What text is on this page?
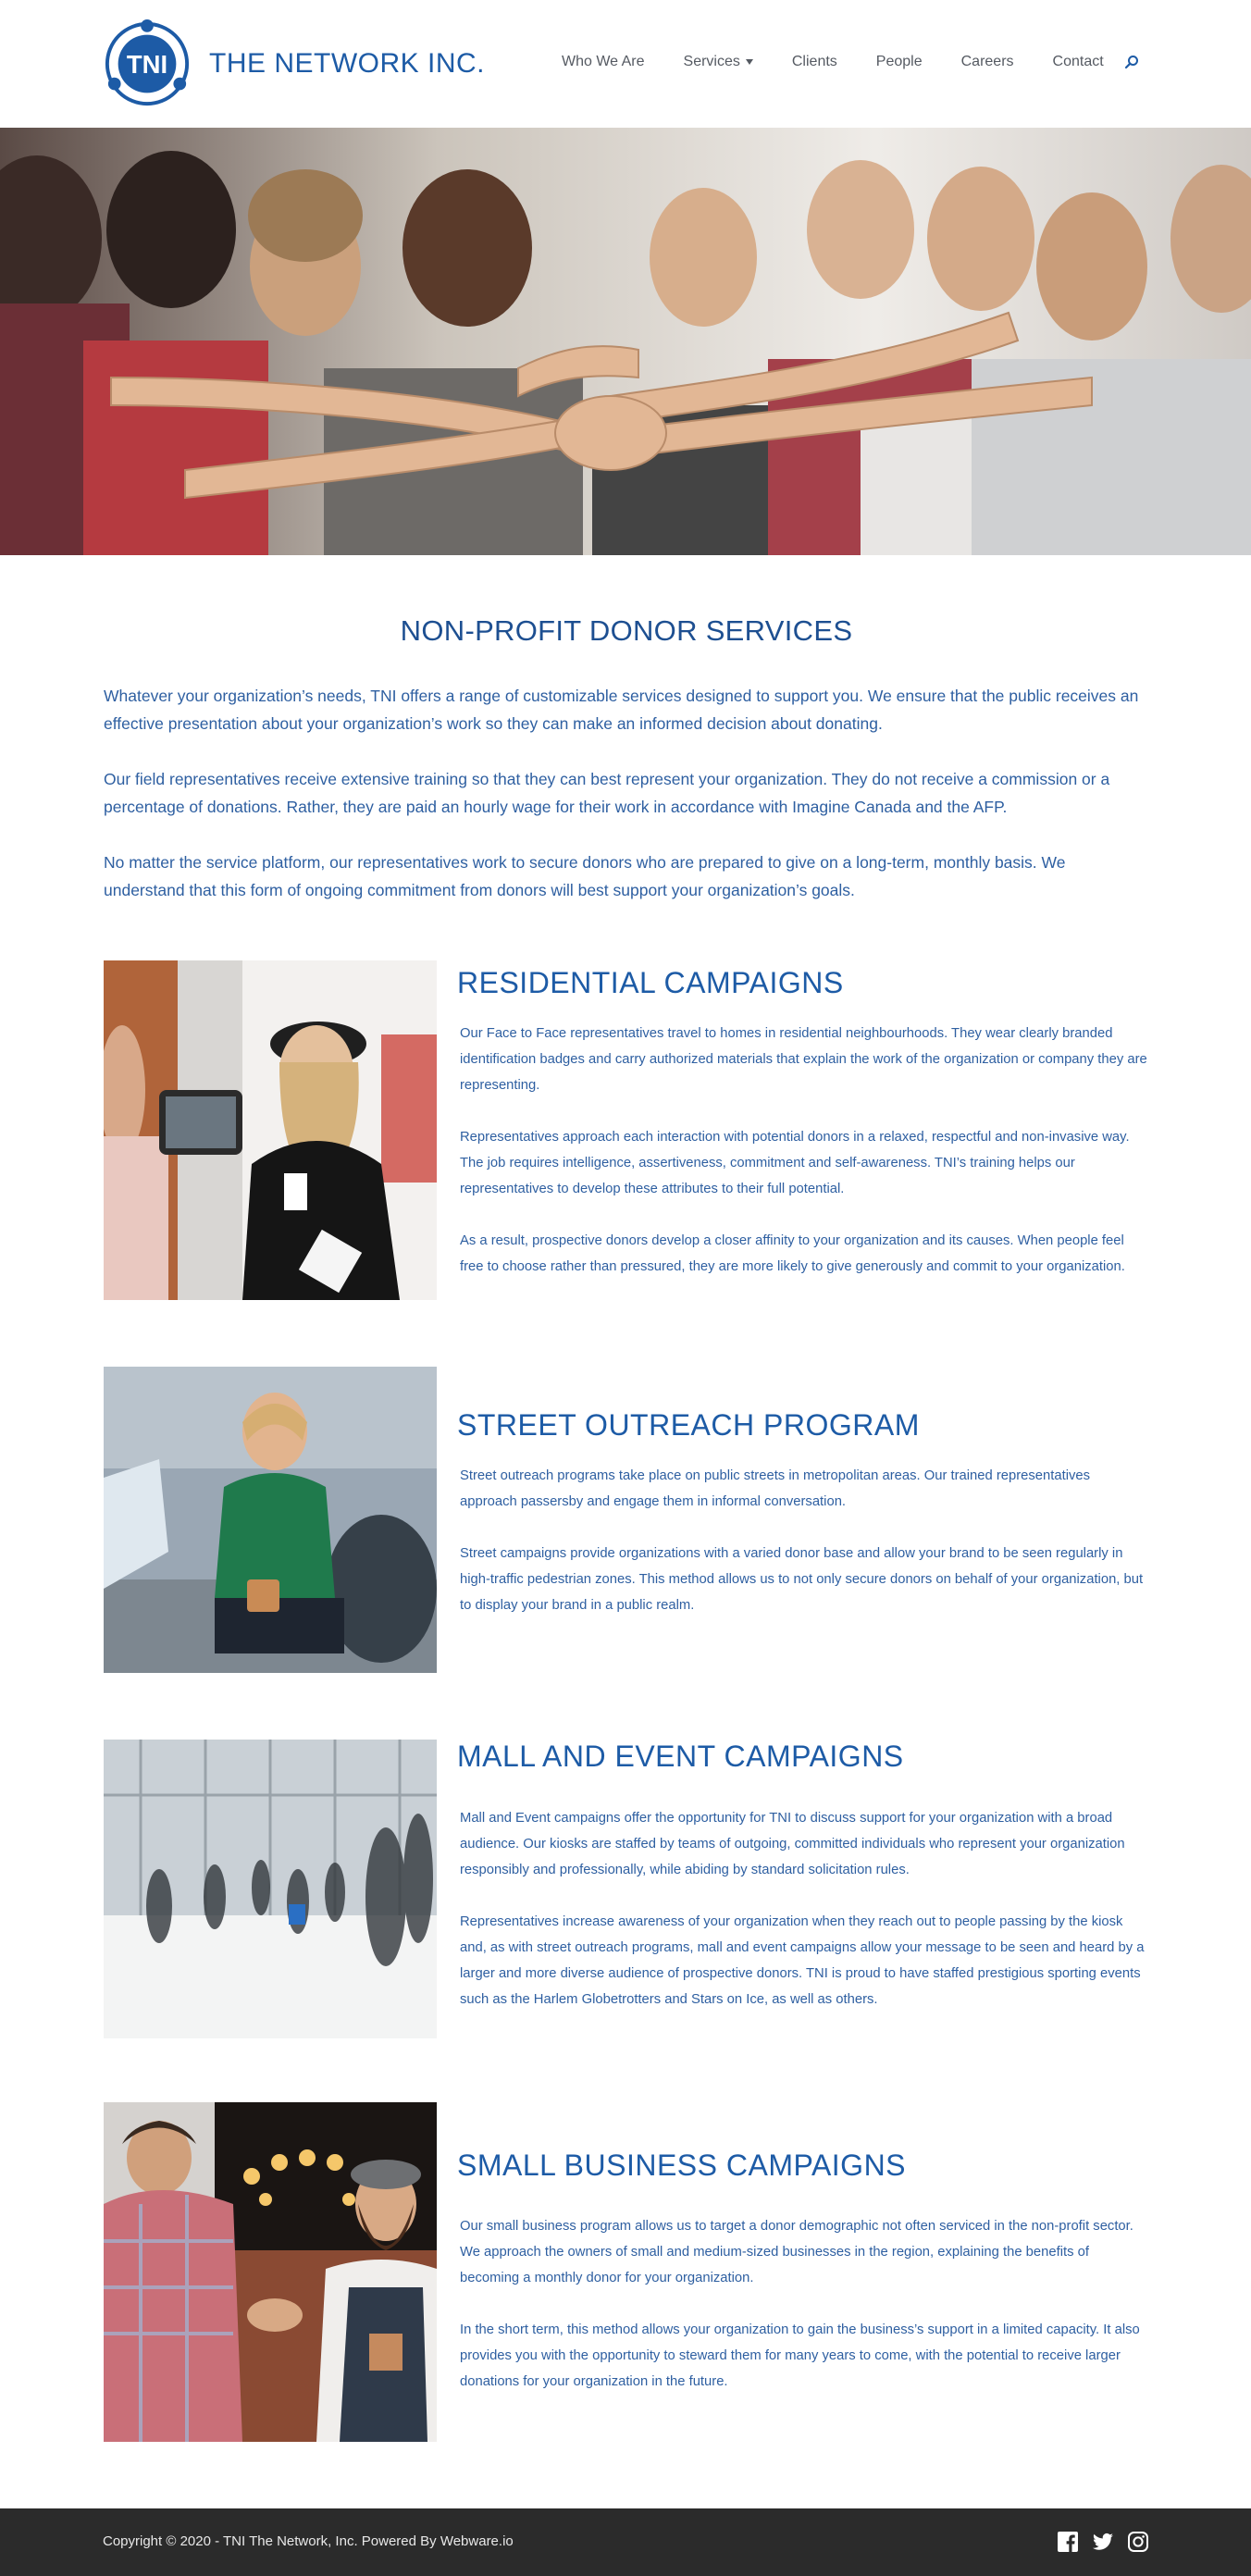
TNI THE NETWORK INC.	Who We Are	Services	Clients	People	Careers	Contact
NON-PROFIT DONOR SERVICES

Whatever your organization’s needs, TNI offers a range of customizable services designed to support you. We ensure that the public receives an effective presentation about your organization’s work so they can make an informed decision about donating.

Our field representatives receive extensive training so that they can best represent your organization. They do not receive a commission or a percentage of donations. Rather, they are paid an hourly wage for their work in accordance with Imagine Canada and the AFP.

No matter the service platform, our representatives work to secure donors who are prepared to give on a long-term, monthly basis. We understand that this form of ongoing commitment from donors will best support your organization’s goals.

RESIDENTIAL CAMPAIGNS

Our Face to Face representatives travel to homes in residential neighbourhoods. They wear clearly branded identification badges and carry authorized materials that explain the work of the organization or company they are representing.

Representatives approach each interaction with potential donors in a relaxed, respectful and non-invasive way. The job requires intelligence, assertiveness, commitment and self-awareness. TNI’s training helps our representatives to develop these attributes to their full potential.

As a result, prospective donors develop a closer affinity to your organization and its causes. When people feel free to choose rather than pressured, they are more likely to give generously and commit to your organization.

STREET OUTREACH PROGRAM

Street outreach programs take place on public streets in metropolitan areas. Our trained representatives approach passersby and engage them in informal conversation.

Street campaigns provide organizations with a varied donor base and allow your brand to be seen regularly in high-traffic pedestrian zones. This method allows us to not only secure donors on behalf of your organization, but to display your brand in a public realm.

MALL AND EVENT CAMPAIGNS

Mall and Event campaigns offer the opportunity for TNI to discuss support for your organization with a broad audience. Our kiosks are staffed by teams of outgoing, committed individuals who represent your organization responsibly and professionally, while abiding by standard solicitation rules.

Representatives increase awareness of your organization when they reach out to people passing by the kiosk and, as with street outreach programs, mall and event campaigns allow your message to be seen and heard by a larger and more diverse audience of prospective donors. TNI is proud to have staffed prestigious sporting events such as the Harlem Globetrotters and Stars on Ice, as well as others.

SMALL BUSINESS CAMPAIGNS

Our small business program allows us to target a donor demographic not often serviced in the non-profit sector. We approach the owners of small and medium-sized businesses in the region, explaining the benefits of becoming a monthly donor for your organization.

In the short term, this method allows your organization to gain the business’s support in a limited capacity. It also provides you with the opportunity to steward them for many years to come, with the potential to receive larger donations for your organization in the future.

Copyright © 2020 - TNI The Network, Inc. Powered By Webware.io
